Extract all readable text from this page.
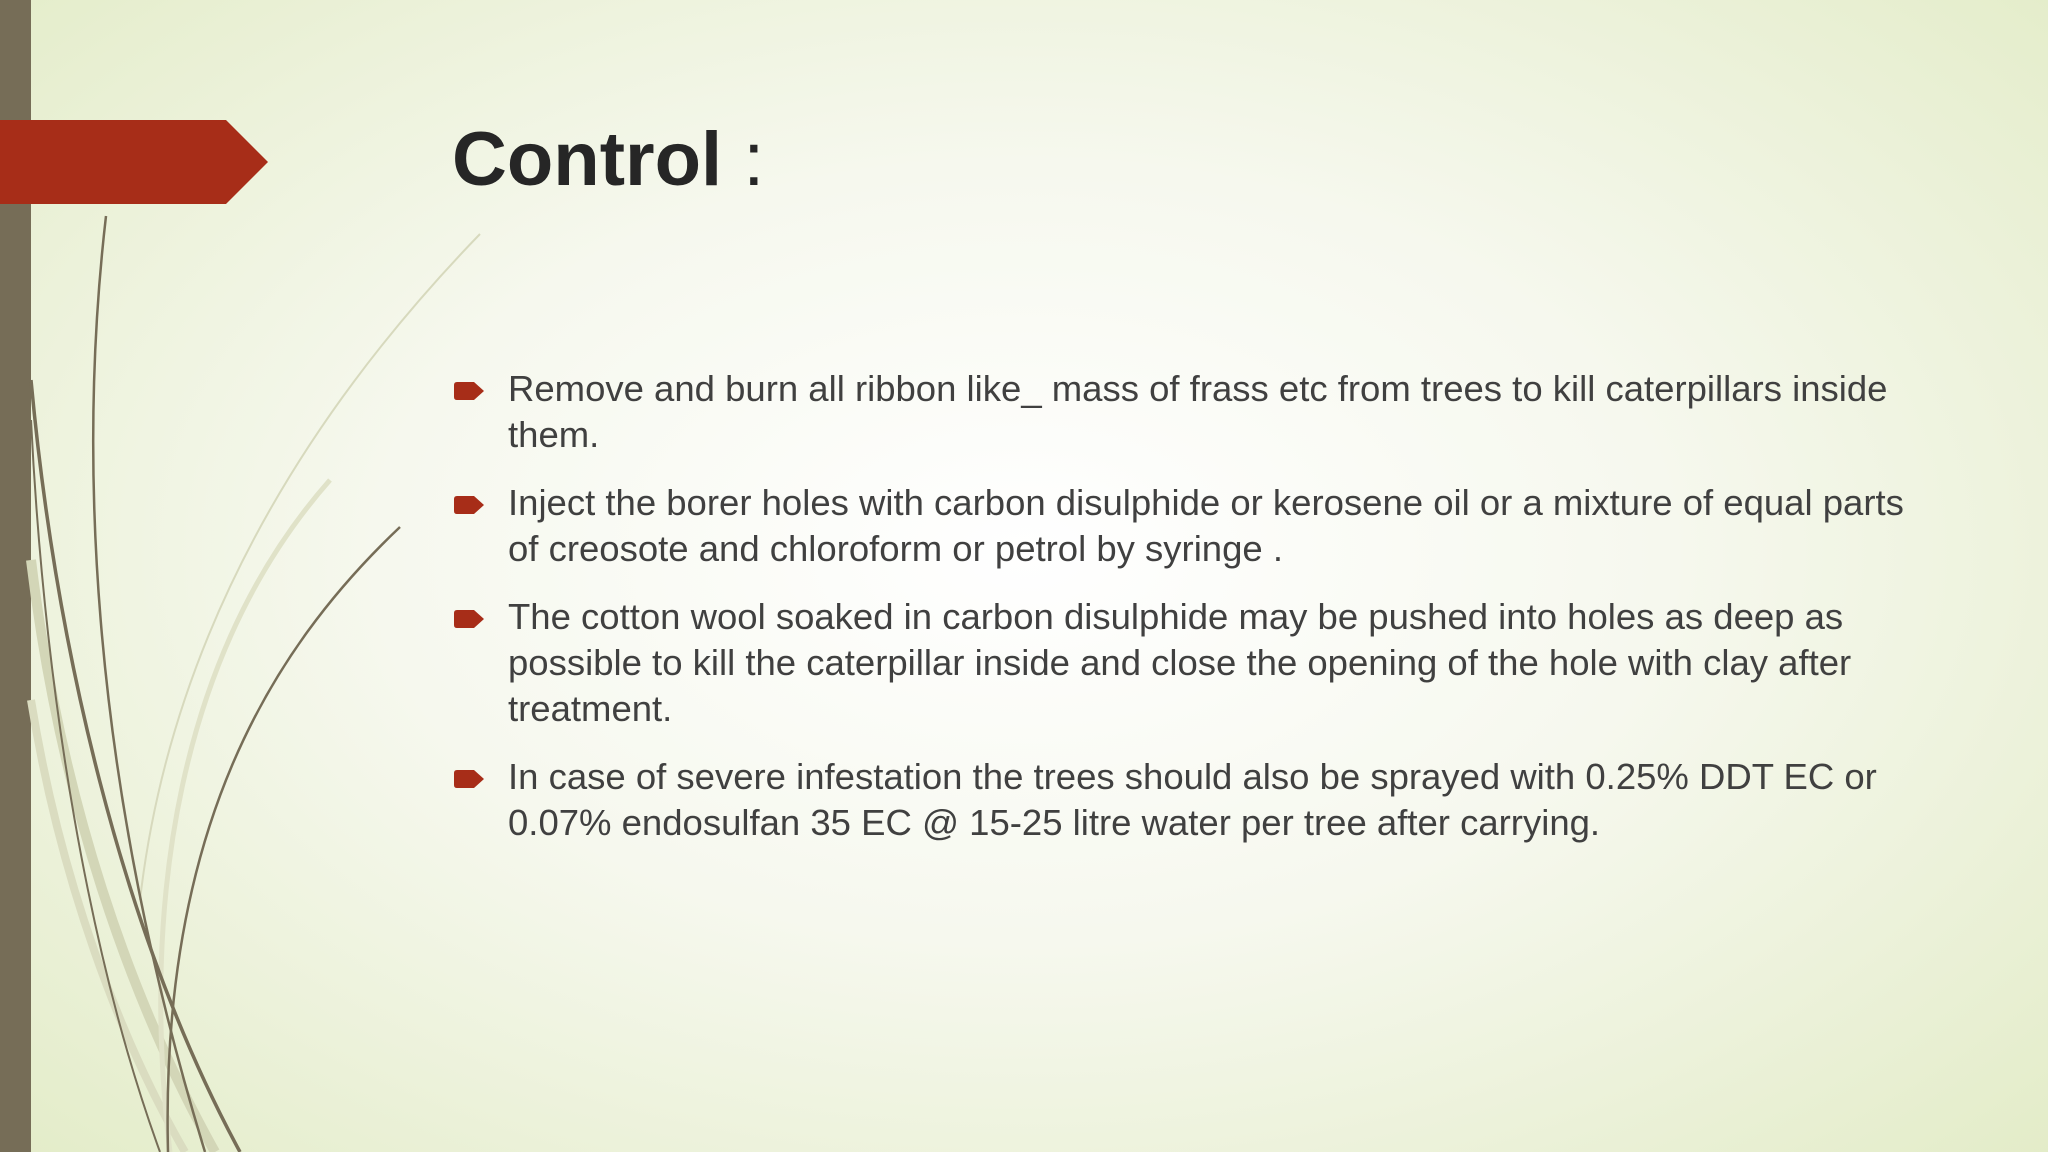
Control :
Remove and burn all ribbon like_ mass of frass etc from trees to kill caterpillars inside them.
Inject the borer holes with carbon disulphide or kerosene oil or a mixture of equal parts of creosote and chloroform or petrol by syringe .
The cotton wool soaked in carbon disulphide may be pushed into holes as deep as possible to kill the caterpillar inside and close the opening of the hole with clay after treatment.
In case of severe infestation the trees should also be sprayed with 0.25% DDT EC or 0.07% endosulfan 35 EC @ 15-25 litre water per tree after carrying.
